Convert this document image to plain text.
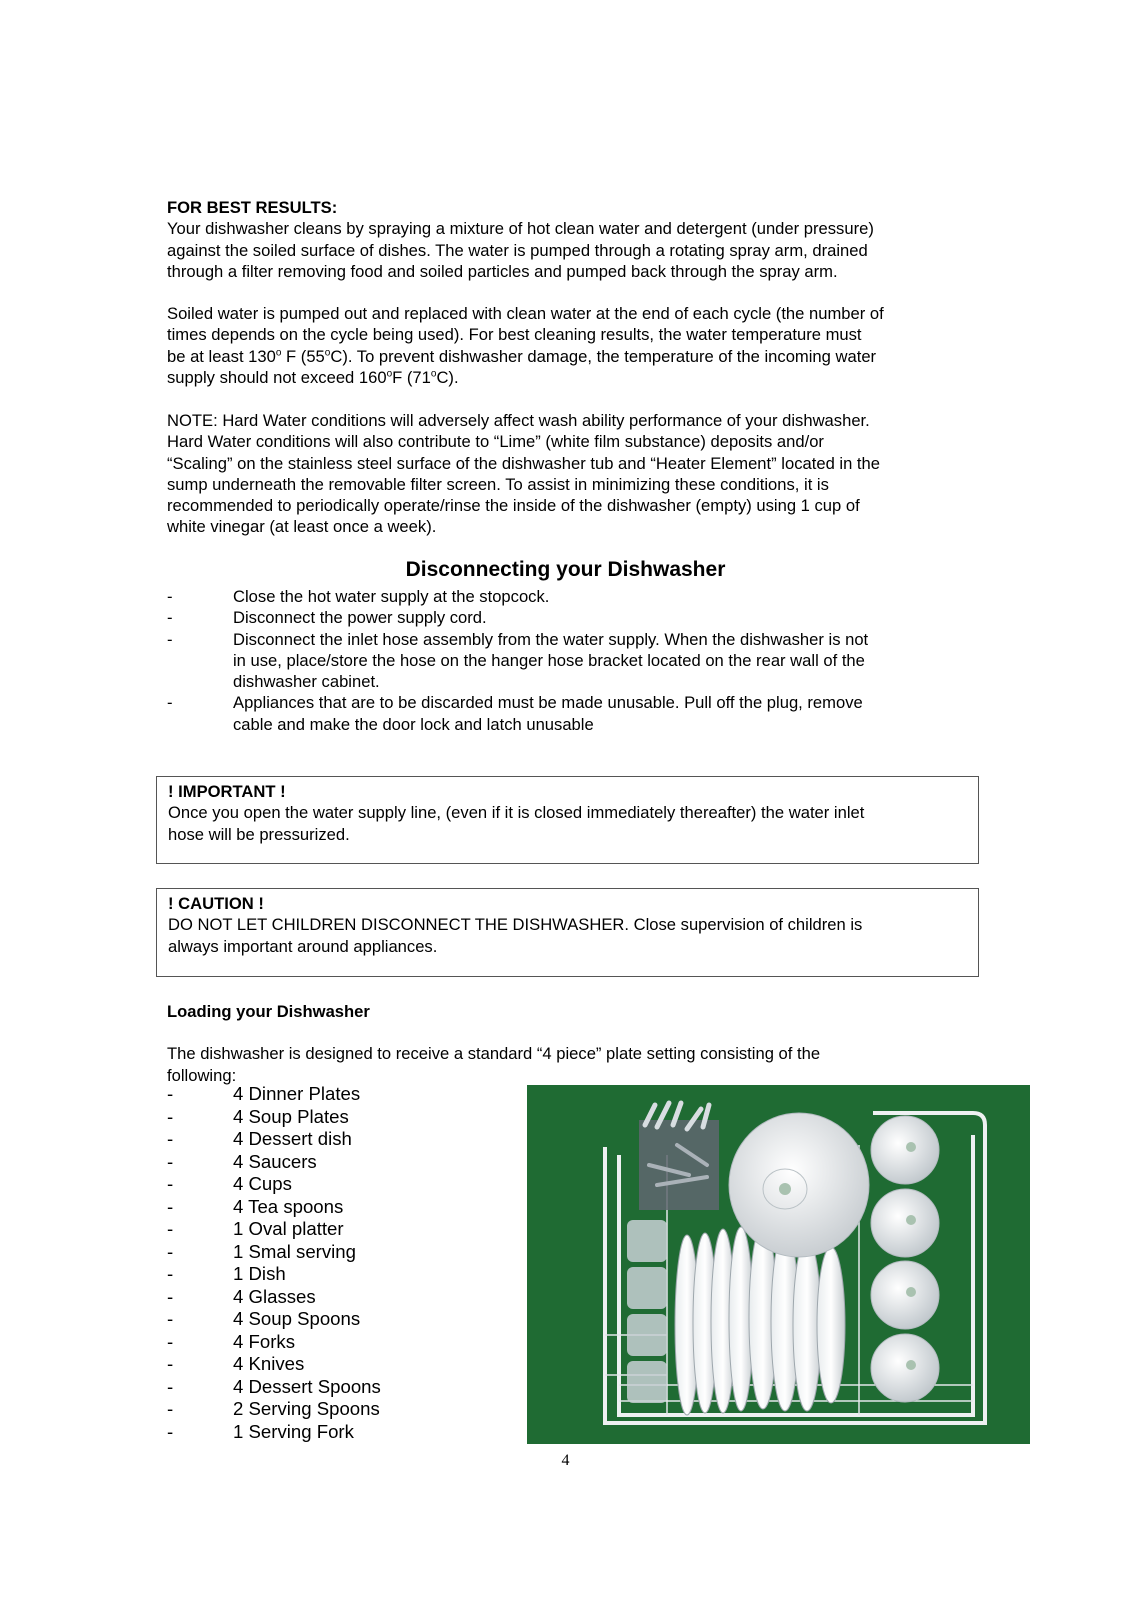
FOR BEST RESULTS:

Your dishwasher cleans by spraying a mixture of hot clean water and detergent (under pressure)

against the soiled surface of dishes. The water is pumped through a rotating spray arm, drained

through a filter removing food and soiled particles and pumped back through the spray arm.

Soiled water is pumped out and replaced with clean water at the end of each cycle (the number of

times depends on the cycle being used). For best cleaning results, the water temperature must

be at least 130$^o$ F (55$^o$C). To prevent dishwasher damage, the temperature of the incoming water

supply should not exceed 160$^o$F (71$^o$C).

NOTE: Hard Water conditions will adversely affect wash ability performance of your dishwasher.

Hard Water conditions will also contribute to “Lime” (white film substance) deposits and/or

“Scaling” on the stainless steel surface of the dishwasher tub and “Heater Element” located in the

sump underneath the removable filter screen. To assist in minimizing these conditions, it is

recommended to periodically operate/rinse the inside of the dishwasher (empty) using 1 cup of

white vinegar (at least once a week).

Disconnecting your Dishwasher
-	Close the hot water supply at the stopcock.
-	Disconnect the power supply cord.
-	Disconnect the inlet hose assembly from the water supply. When the dishwasher is not
in use, place/store the hose on the hanger hose bracket located on the rear wall of the
dishwasher cabinet.
-	Appliances that are to be discarded must be made unusable. Pull off the plug, remove
cable and make the door lock and latch unusable
! IMPORTANT !
Once you open the water supply line, (even if it is closed immediately thereafter) the water inlet
hose will be pressurized.
! CAUTION !
DO NOT LET CHILDREN DISCONNECT THE DISHWASHER. Close supervision of children is
always important around appliances.

Loading your Dishwasher

The dishwasher is designed to receive a standard “4 piece” plate setting consisting of the

following:

-	4 Dinner Plates
-	4 Soup Plates
-	4 Dessert dish
-	4 Saucers
-	4 Cups
-	4 Tea spoons
-	1 Oval platter
-	1 Smal serving
-	1 Dish
-	4 Glasses
-	4 Soup Spoons
-	4 Forks
-	4 Knives
-	4 Dessert Spoons
-	2 Serving Spoons
-	1 Serving Fork
4
